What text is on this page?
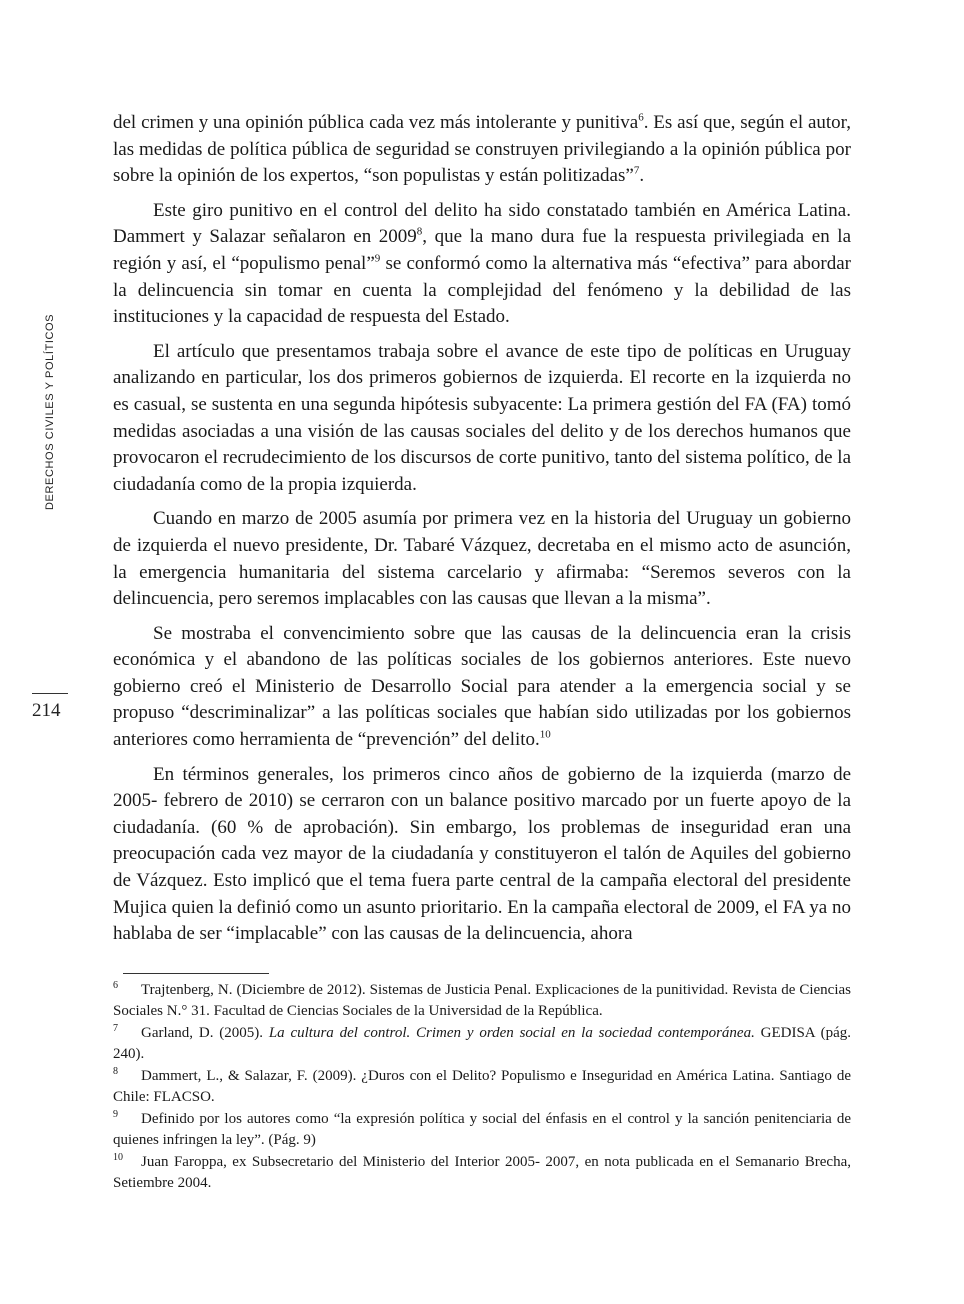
DERECHOS CIVILES Y POLÍTICOS
214

del crimen y una opinión pública cada vez más intolerante y punitiva$^6$. Es así que, según el autor, las medidas de política pública de seguridad se construyen privilegiando a la opinión pública por sobre la opinión de los expertos, “son populistas y están politizadas”$^7$.

Este giro punitivo en el control del delito ha sido constatado también en América Latina. Dammert y Salazar señalaron en 2009$^8$, que la mano dura fue la respuesta privilegiada en la región y así, el “populismo penal”$^9$ se conformó como la alternativa más “efectiva” para abordar la delincuencia sin tomar en cuenta la complejidad del fenómeno y la debilidad de las instituciones y la capacidad de respuesta del Estado.

El artículo que presentamos trabaja sobre el avance de este tipo de políticas en Uruguay analizando en particular, los dos primeros gobiernos de izquierda. El recorte en la izquierda no es casual, se sustenta en una segunda hipótesis subyacente: La primera gestión del FA (FA) tomó medidas asociadas a una visión de las causas sociales del delito y de los derechos humanos que provocaron el recrudecimiento de los discursos de corte punitivo, tanto del sistema político, de la ciudadanía como de la propia izquierda.

Cuando en marzo de 2005 asumía por primera vez en la historia del Uruguay un gobierno de izquierda el nuevo presidente, Dr. Tabaré Vázquez, decretaba en el mismo acto de asunción, la emergencia humanitaria del sistema carcelario y afirmaba: “Seremos severos con la delincuencia, pero seremos implacables con las causas que llevan a la misma”.

Se mostraba el convencimiento sobre que las causas de la delincuencia eran la crisis económica y el abandono de las políticas sociales de los gobiernos anteriores. Este nuevo gobierno creó el Ministerio de Desarrollo Social para atender a la emergencia social y se propuso “descriminalizar” a las políticas sociales que habían sido utilizadas por los gobiernos anteriores como herramienta de “prevención” del delito.$^{10}$

En términos generales, los primeros cinco años de gobierno de la izquierda (marzo de 2005- febrero de 2010) se cerraron con un balance positivo marcado por un fuerte apoyo de la ciudadanía. (60 % de aprobación). Sin embargo, los problemas de inseguridad eran una preocupación cada vez mayor de la ciudadanía y constituyeron el talón de Aquiles del gobierno de Vázquez. Esto implicó que el tema fuera parte central de la campaña electoral del presidente Mujica quien la definió como un asunto prioritario. En la campaña electoral de 2009, el FA ya no hablaba de ser “implacable” con las causas de la delincuencia, ahora

6 Trajtenberg, N. (Diciembre de 2012). Sistemas de Justicia Penal. Explicaciones de la punitividad. Revista de Ciencias Sociales N.° 31. Facultad de Ciencias Sociales de la Universidad de la República.
7 Garland, D. (2005). La cultura del control. Crimen y orden social en la sociedad contemporánea. GEDISA (pág. 240).
8 Dammert, L., & Salazar, F. (2009). ¿Duros con el Delito? Populismo e Inseguridad en América Latina. Santiago de Chile: FLACSO.
9 Definido por los autores como “la expresión política y social del énfasis en el control y la sanción penitenciaria de quienes infringen la ley”. (Pág. 9)
10 Juan Faroppa, ex Subsecretario del Ministerio del Interior 2005- 2007, en nota publicada en el Semanario Brecha, Setiembre 2004.
